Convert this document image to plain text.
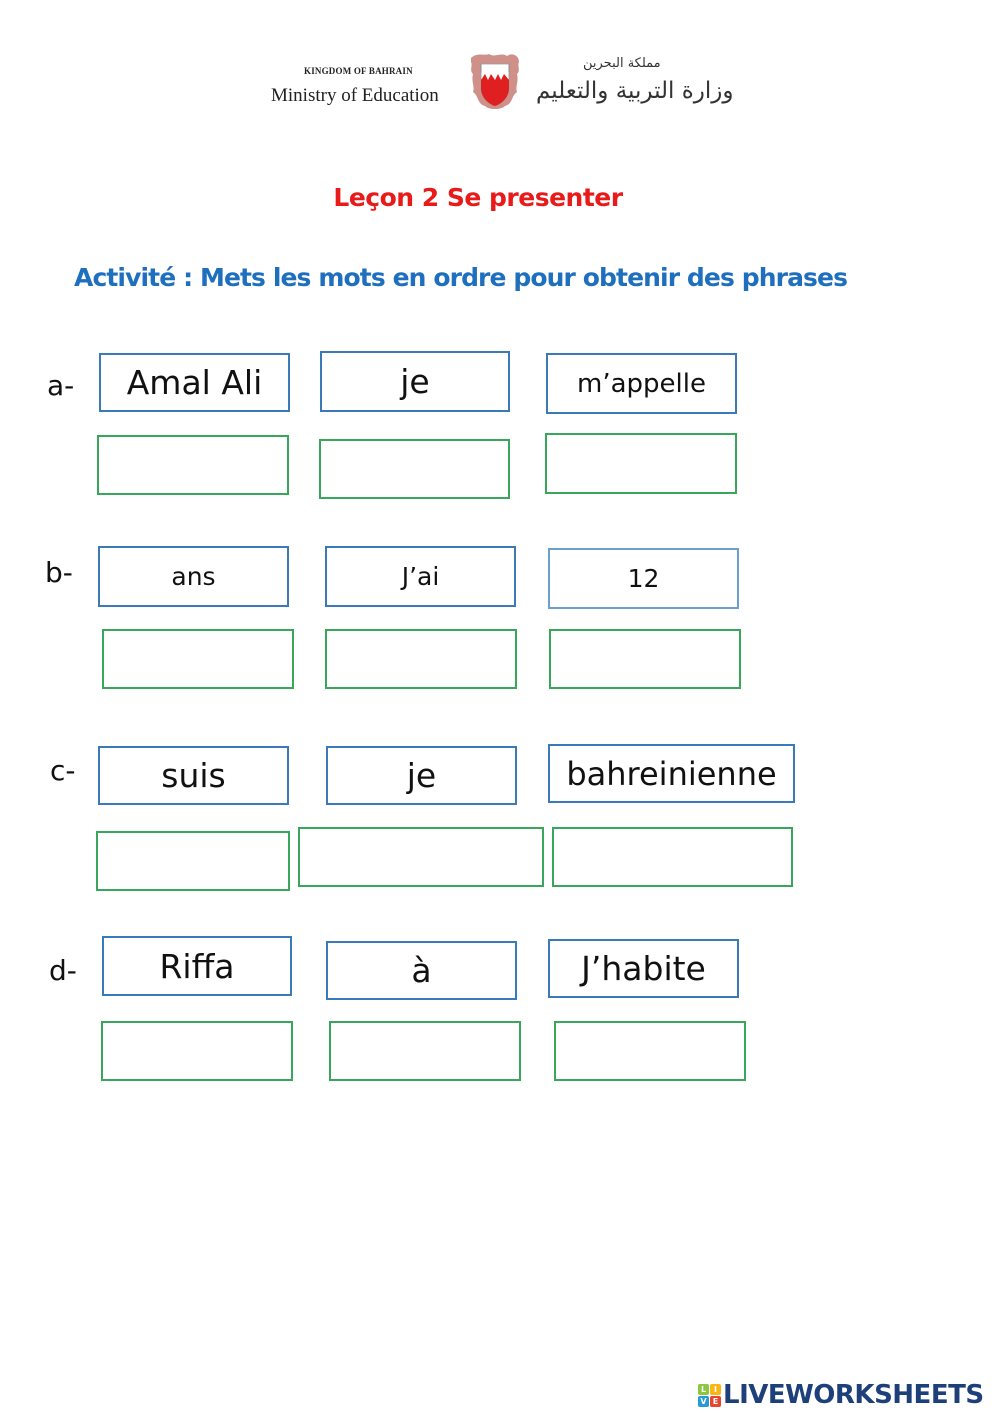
KINGDOM OF BAHRAIN
Ministry of Education
مملكة البحرين
وزارة التربية والتعليم
Leçon 2 Se presenter
Activité : Mets les mots en ordre pour obtenir des phrases
a-	Amal Ali	je	m’appelle
b-	ans	J’ai	12
c-	suis	je	bahreinienne
d-	Riffa	à	J’habite
L I
V E LIVEWORKSHEETS
